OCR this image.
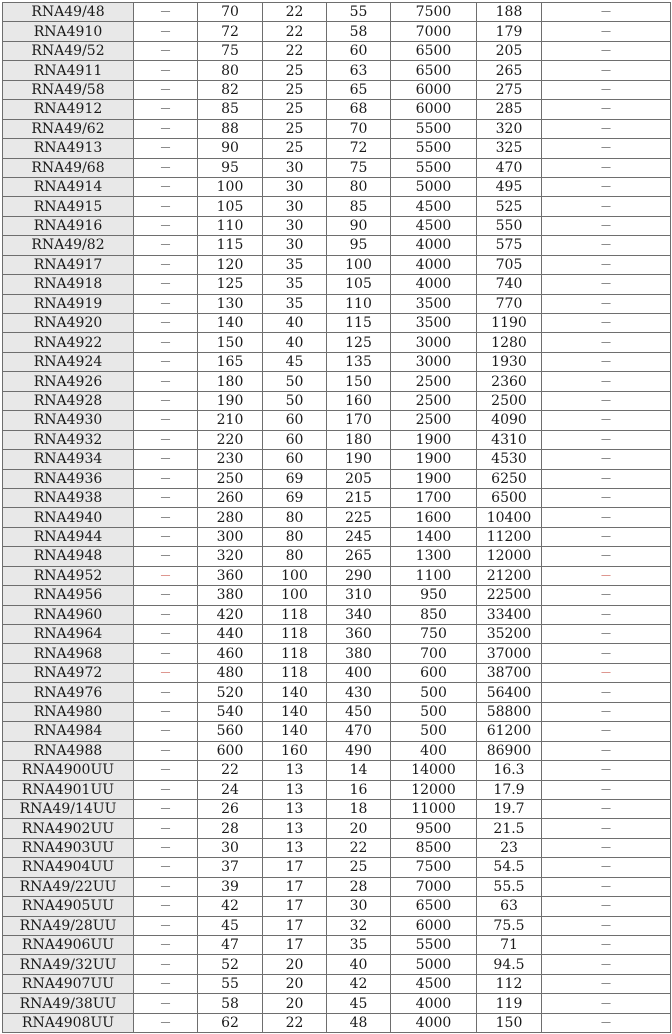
RNA49/48	－	70	22	55	7500	188	－
RNA4910	－	72	22	58	7000	179	－
RNA49/52	－	75	22	60	6500	205	－
RNA4911	－	80	25	63	6500	265	－
RNA49/58	－	82	25	65	6000	275	－
RNA4912	－	85	25	68	6000	285	－
RNA49/62	－	88	25	70	5500	320	－
RNA4913	－	90	25	72	5500	325	－
RNA49/68	－	95	30	75	5500	470	－
RNA4914	－	100	30	80	5000	495	－
RNA4915	－	105	30	85	4500	525	－
RNA4916	－	110	30	90	4500	550	－
RNA49/82	－	115	30	95	4000	575	－
RNA4917	－	120	35	100	4000	705	－
RNA4918	－	125	35	105	4000	740	－
RNA4919	－	130	35	110	3500	770	－
RNA4920	－	140	40	115	3500	1190	－
RNA4922	－	150	40	125	3000	1280	－
RNA4924	－	165	45	135	3000	1930	－
RNA4926	－	180	50	150	2500	2360	－
RNA4928	－	190	50	160	2500	2500	－
RNA4930	－	210	60	170	2500	4090	－
RNA4932	－	220	60	180	1900	4310	－
RNA4934	－	230	60	190	1900	4530	－
RNA4936	－	250	69	205	1900	6250	－
RNA4938	－	260	69	215	1700	6500	－
RNA4940	－	280	80	225	1600	10400	－
RNA4944	－	300	80	245	1400	11200	－
RNA4948	－	320	80	265	1300	12000	－
RNA4952	－	360	100	290	1100	21200	－
RNA4956	－	380	100	310	950	22500	－
RNA4960	－	420	118	340	850	33400	－
RNA4964	－	440	118	360	750	35200	－
RNA4968	－	460	118	380	700	37000	－
RNA4972	－	480	118	400	600	38700	－
RNA4976	－	520	140	430	500	56400	－
RNA4980	－	540	140	450	500	58800	－
RNA4984	－	560	140	470	500	61200	－
RNA4988	－	600	160	490	400	86900	－
RNA4900UU	－	22	13	14	14000	16.3	－
RNA4901UU	－	24	13	16	12000	17.9	－
RNA49/14UU	－	26	13	18	11000	19.7	－
RNA4902UU	－	28	13	20	9500	21.5	－
RNA4903UU	－	30	13	22	8500	23	－
RNA4904UU	－	37	17	25	7500	54.5	－
RNA49/22UU	－	39	17	28	7000	55.5	－
RNA4905UU	－	42	17	30	6500	63	－
RNA49/28UU	－	45	17	32	6000	75.5	－
RNA4906UU	－	47	17	35	5500	71	－
RNA49/32UU	－	52	20	40	5000	94.5	－
RNA4907UU	－	55	20	42	4500	112	－
RNA49/38UU	－	58	20	45	4000	119	－
RNA4908UU	－	62	22	48	4000	150	－
